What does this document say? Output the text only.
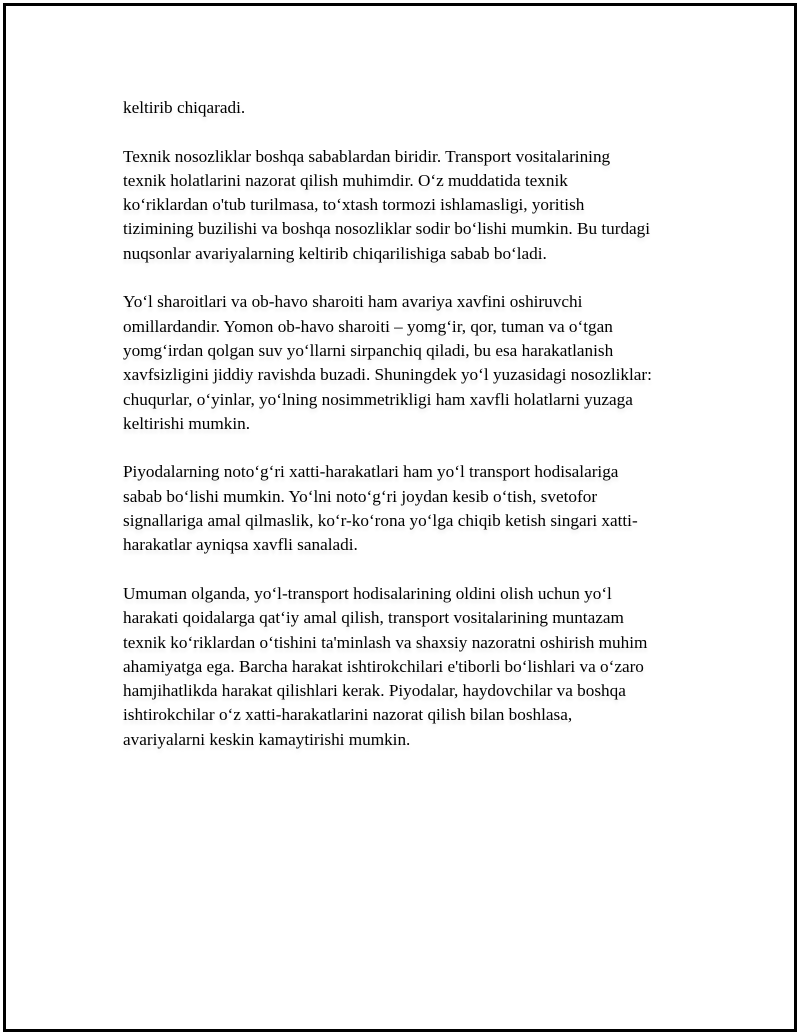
keltirib chiqaradi.

Texnik nosozliklar boshqa sabablardan biridir. Transport vositalarining
texnik holatlarini nazorat qilish muhimdir. Oʻz muddatida texnik
koʻriklardan o'tub turilmasa, toʻxtash tormozi ishlamasligi, yoritish
tizimining buzilishi va boshqa nosozliklar sodir boʻlishi mumkin. Bu turdagi
nuqsonlar avariyalarning keltirib chiqarilishiga sabab boʻladi.

Yoʻl sharoitlari va ob-havo sharoiti ham avariya xavfini oshiruvchi
omillardandir. Yomon ob-havo sharoiti – yomgʻir, qor, tuman va oʻtgan
yomgʻirdan qolgan suv yoʻllarni sirpanchiq qiladi, bu esa harakatlanish
xavfsizligini jiddiy ravishda buzadi. Shuningdek yoʻl yuzasidagi nosozliklar:
chuqurlar, oʻyinlar, yoʻlning nosimmetrikligi ham xavfli holatlarni yuzaga
keltirishi mumkin.

Piyodalarning notoʻgʻri xatti-harakatlari ham yoʻl transport hodisalariga
sabab boʻlishi mumkin. Yoʻlni notoʻgʻri joydan kesib oʻtish, svetofor
signallariga amal qilmaslik, koʻr-koʻrona yoʻlga chiqib ketish singari xatti-
harakatlar ayniqsa xavfli sanaladi.

Umuman olganda, yoʻl-transport hodisalarining oldini olish uchun yoʻl
harakati qoidalarga qatʻiy amal qilish, transport vositalarining muntazam
texnik koʻriklardan oʻtishini ta'minlash va shaxsiy nazoratni oshirish muhim
ahamiyatga ega. Barcha harakat ishtirokchilari e'tiborli boʻlishlari va oʻzaro
hamjihatlikda harakat qilishlari kerak. Piyodalar, haydovchilar va boshqa
ishtirokchilar oʻz xatti-harakatlarini nazorat qilish bilan boshlasa,
avariyalarni keskin kamaytirishi mumkin.
